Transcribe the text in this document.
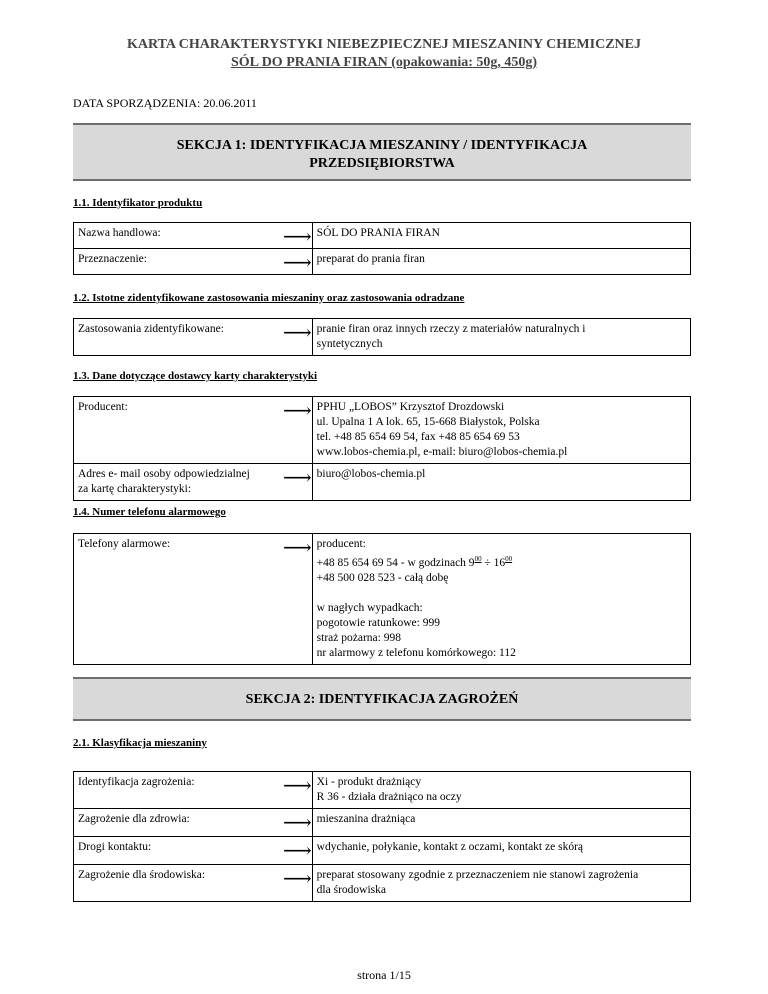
KARTA CHARAKTERYSTYKI NIEBEZPIECZNEJ MIESZANINY CHEMICZNEJ
SÓL DO PRANIA FIRAN (opakowania: 50g, 450g)
DATA SPORZĄDZENIA: 20.06.2011
SEKCJA 1: IDENTYFIKACJA MIESZANINY / IDENTYFIKACJA
PRZEDSIĘBIORSTWA
1.1. Identyfikator produktu
Nazwa handlowa:	⟶	SÓL DO PRANIA FIRAN
Przeznaczenie:	⟶	preparat do prania firan
1.2. Istotne zidentyfikowane zastosowania mieszaniny oraz zastosowania odradzane
Zastosowania zidentyfikowane:	⟶	pranie firan oraz innych rzeczy z materiałów naturalnych i
syntetycznych
1.3. Dane dotyczące dostawcy karty charakterystyki
Producent:	⟶	PPHU „LOBOS” Krzysztof Drozdowski
ul. Upalna 1 A lok. 65, 15-668 Białystok, Polska
tel. +48 85 654 69 54, fax +48 85 654 69 53
www.lobos-chemia.pl, e-mail: biuro@lobos-chemia.pl

Adres e- mail osoby odpowiedzialnej
za kartę charakterystyki:	⟶	biuro@lobos-chemia.pl
1.4. Numer telefonu alarmowego
Telefony alarmowe:	⟶	producent:
+48 85 654 69 54 - w godzinach $9^{00} \div 16^{00}$
+48 500 028 523 - całą dobę
w nagłych wypadkach:
pogotowie ratunkowe: 999
straż pożarna: 998
nr alarmowy z telefonu komórkowego: 112
SEKCJA 2: IDENTYFIKACJA ZAGROŻEŃ
2.1. Klasyfikacja mieszaniny
Identyfikacja zagrożenia:	⟶	Xi - produkt drażniący
R 36 - działa drażniąco na oczy

Zagrożenie dla zdrowia:	⟶	mieszanina drażniąca
Drogi kontaktu:	⟶	wdychanie, połykanie, kontakt z oczami, kontakt ze skórą
Zagrożenie dla środowiska:	⟶	preparat stosowany zgodnie z przeznaczeniem nie stanowi zagrożenia
dla środowiska
strona 1/15
